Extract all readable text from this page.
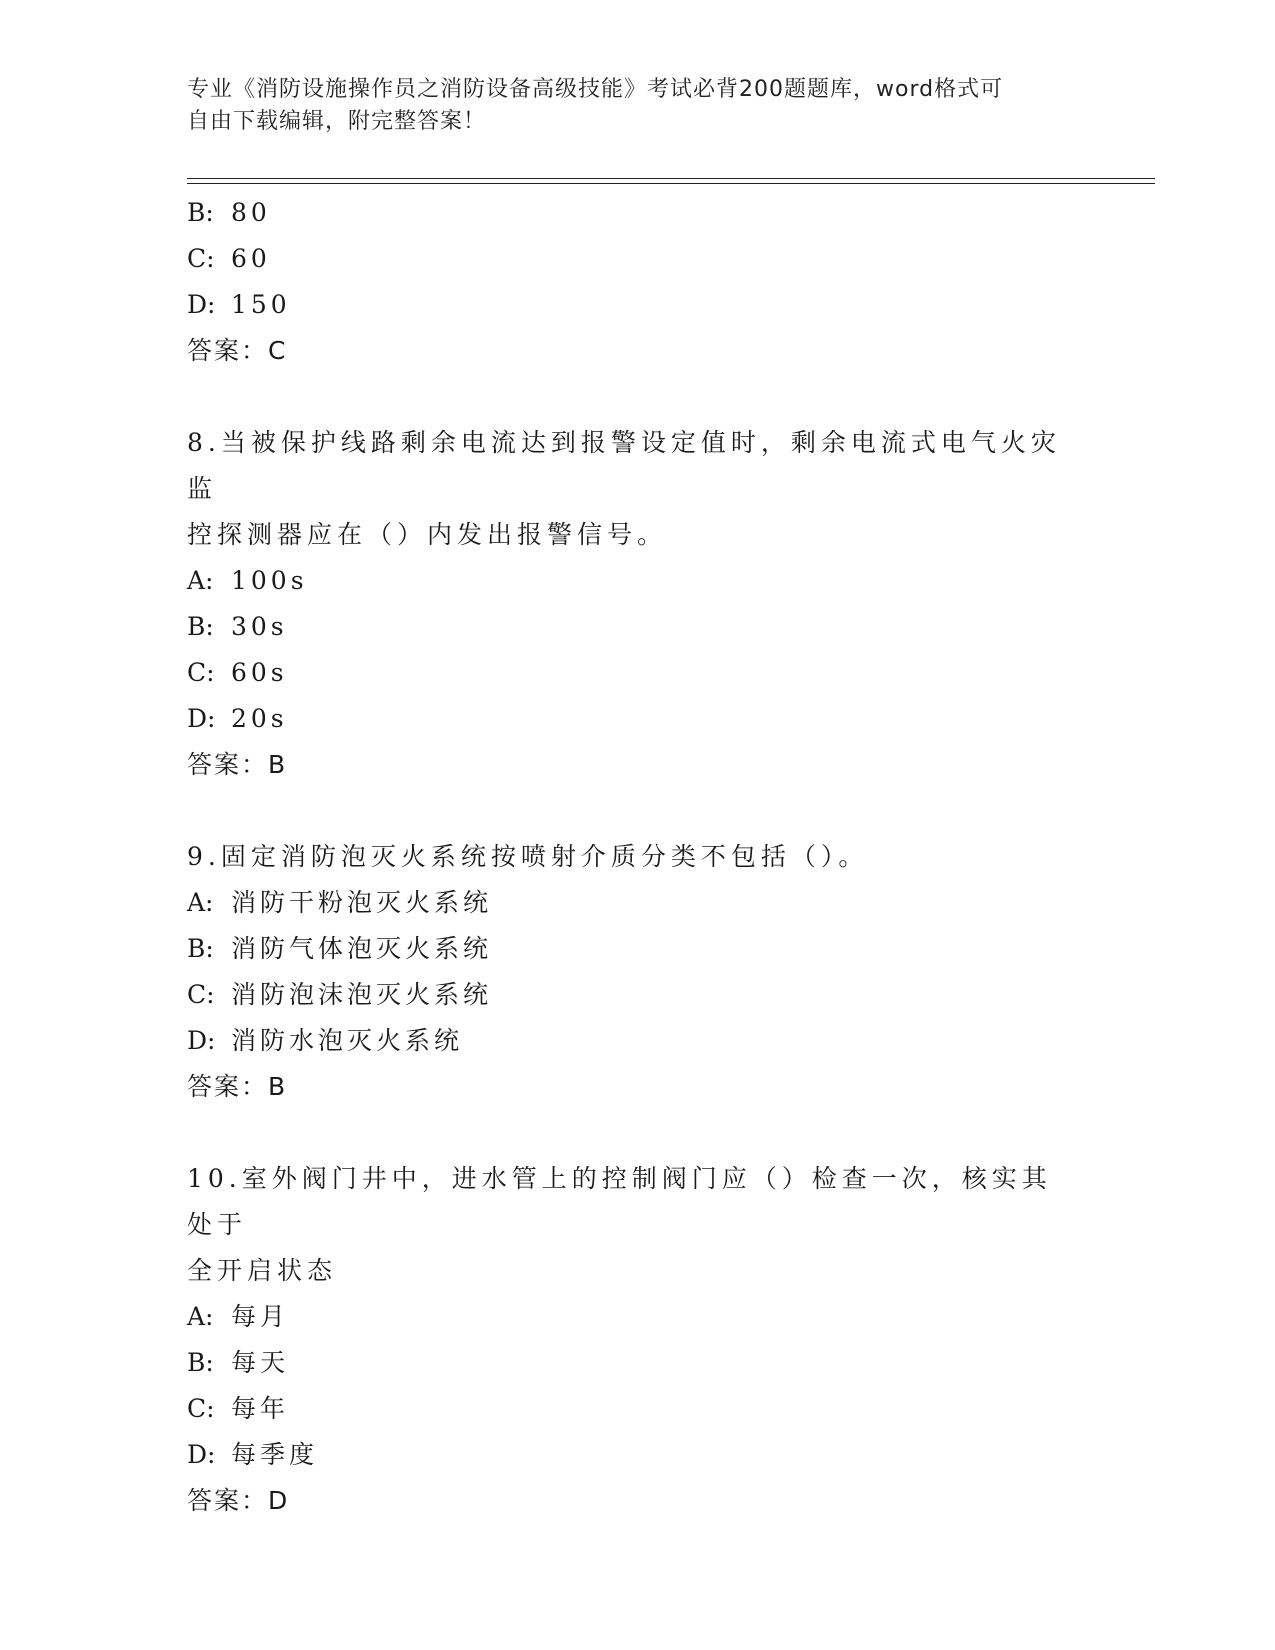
专业《消防设施操作员之消防设备高级技能》考试必背200题题库，word格式可
自由下载编辑，附完整答案！
B: 80
C: 60
D: 150
答案：C
8.当被保护线路剩余电流达到报警设定值时，剩余电流式电气火灾监
控探测器应在（）内发出报警信号。
A: 100s
B: 30s
C: 60s
D: 20s
答案：B
9.固定消防泡灭火系统按喷射介质分类不包括（）。
A: 消防干粉泡灭火系统
B: 消防气体泡灭火系统
C: 消防泡沫泡灭火系统
D: 消防水泡灭火系统
答案：B
10.室外阀门井中，进水管上的控制阀门应（）检查一次，核实其处于
全开启状态
A: 每月
B: 每天
C: 每年
D: 每季度
答案：D
